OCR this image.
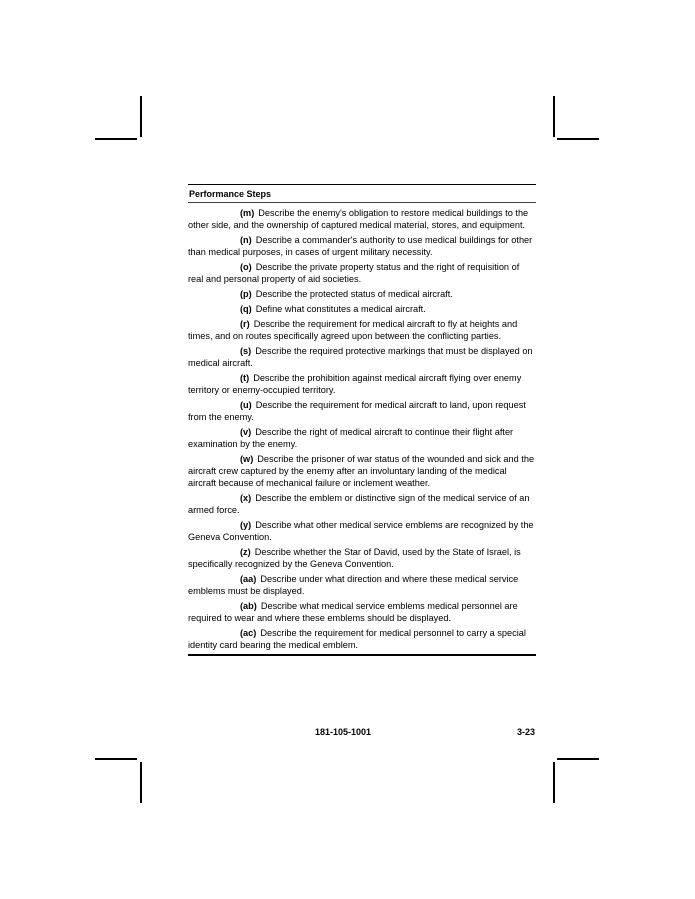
Performance Steps

(m) Describe the enemy's obligation to restore medical buildings to the other side, and the ownership of captured medical material, stores, and equipment.

(n) Describe a commander's authority to use medical buildings for other than medical purposes, in cases of urgent military necessity.

(o) Describe the private property status and the right of requisition of real and personal property of aid societies.

(p) Describe the protected status of medical aircraft.

(q) Define what constitutes a medical aircraft.

(r) Describe the requirement for medical aircraft to fly at heights and times, and on routes specifically agreed upon between the conflicting parties.

(s) Describe the required protective markings that must be displayed on medical aircraft.

(t) Describe the prohibition against medical aircraft flying over enemy territory or enemy-occupied territory.

(u) Describe the requirement for medical aircraft to land, upon request from the enemy.

(v) Describe the right of medical aircraft to continue their flight after examination by the enemy.

(w) Describe the prisoner of war status of the wounded and sick and the aircraft crew captured by the enemy after an involuntary landing of the medical aircraft because of mechanical failure or inclement weather.

(x) Describe the emblem or distinctive sign of the medical service of an armed force.

(y) Describe what other medical service emblems are recognized by the Geneva Convention.

(z) Describe whether the Star of David, used by the State of Israel, is specifically recognized by the Geneva Convention.

(aa) Describe under what direction and where these medical service emblems must be displayed.

(ab) Describe what medical service emblems medical personnel are required to wear and where these emblems should be displayed.

(ac) Describe the requirement for medical personnel to carry a special identity card bearing the medical emblem.

181-105-1001	3-23
